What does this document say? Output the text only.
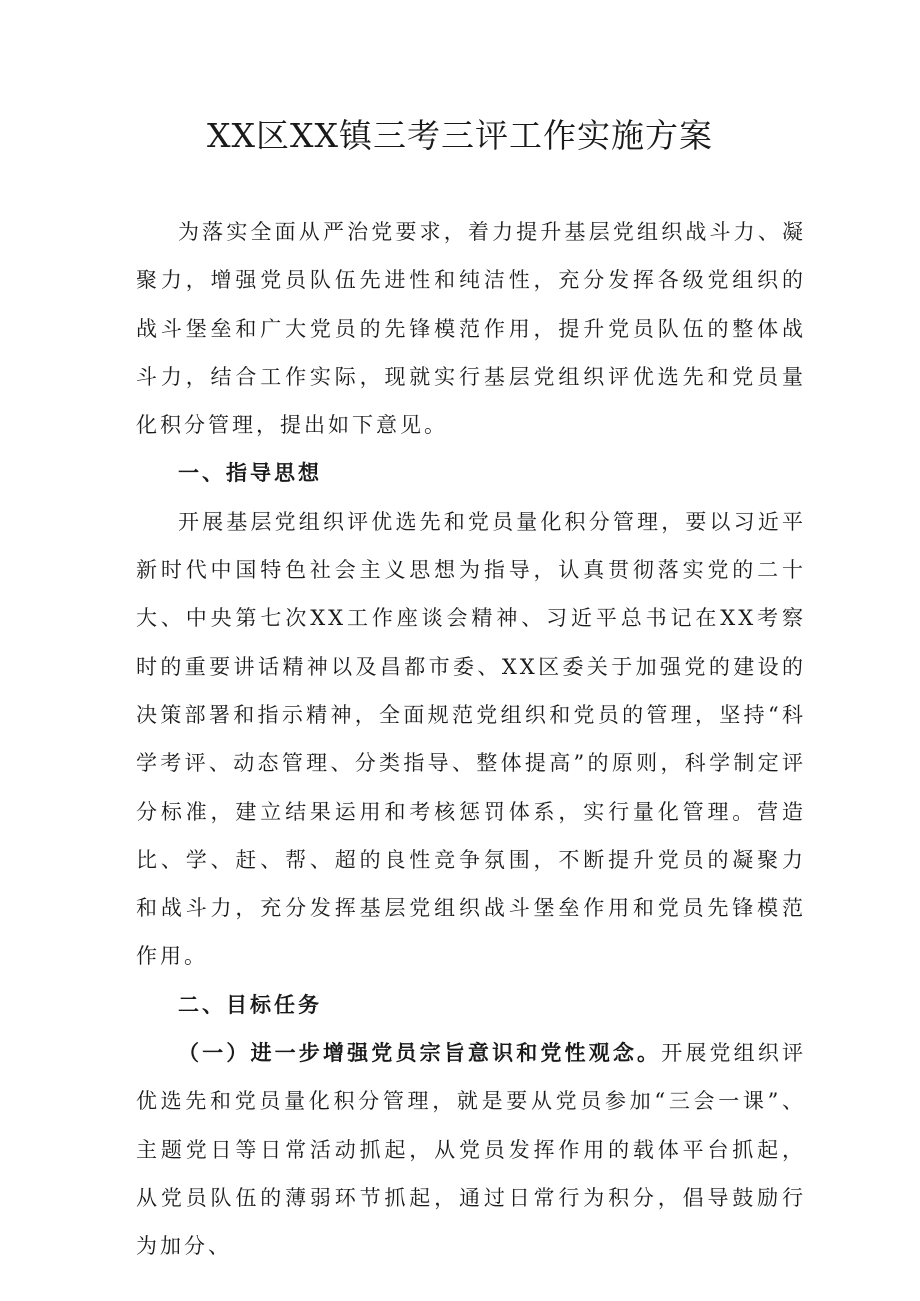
XX区XX镇三考三评工作实施方案

为落实全面从严治党要求，着力提升基层党组织战斗力、凝聚力，增强党员队伍先进性和纯洁性，充分发挥各级党组织的战斗堡垒和广大党员的先锋模范作用，提升党员队伍的整体战斗力，结合工作实际，现就实行基层党组织评优选先和党员量化积分管理，提出如下意见。

一、指导思想

开展基层党组织评优选先和党员量化积分管理，要以习近平新时代中国特色社会主义思想为指导，认真贯彻落实党的二十大、中央第七次XX工作座谈会精神、习近平总书记在XX考察时的重要讲话精神以及昌都市委、XX区委关于加强党的建设的决策部署和指示精神，全面规范党组织和党员的管理，坚持“科学考评、动态管理、分类指导、整体提高”的原则，科学制定评分标准，建立结果运用和考核惩罚体系，实行量化管理。营造比、学、赶、帮、超的良性竞争氛围，不断提升党员的凝聚力和战斗力，充分发挥基层党组织战斗堡垒作用和党员先锋模范作用。

二、目标任务

（一）进一步增强党员宗旨意识和党性观念。开展党组织评优选先和党员量化积分管理，就是要从党员参加“三会一课”、主题党日等日常活动抓起，从党员发挥作用的载体平台抓起，从党员队伍的薄弱环节抓起，通过日常行为积分，倡导鼓励行为加分、
